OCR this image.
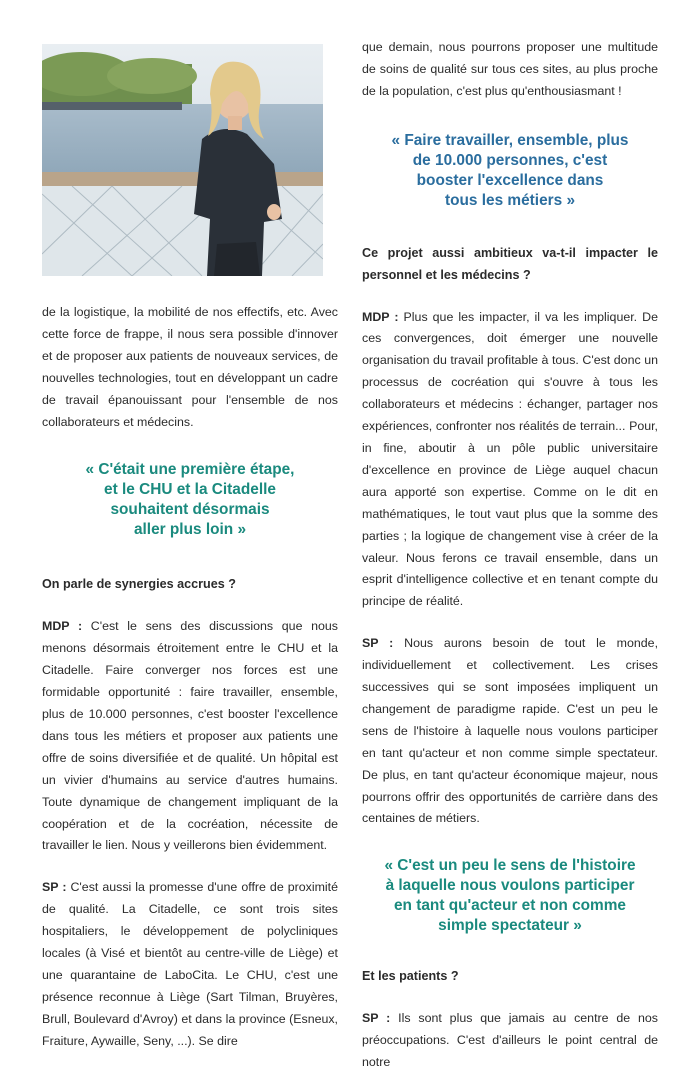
de la logistique, la mobilité de nos effectifs, etc. Avec cette force de frappe, il nous sera possible d'innover et de proposer aux patients de nouveaux services, de nouvelles technologies, tout en développant un cadre de travail épanouissant pour l'ensemble de nos collaborateurs et médecins.

« C'était une première étape,
et le CHU et la Citadelle
souhaitent désormais
aller plus loin »

On parle de synergies accrues ?

MDP : C'est le sens des discussions que nous menons désormais étroitement entre le CHU et la Citadelle. Faire converger nos forces est une formidable opportunité : faire travailler, ensemble, plus de 10.000 personnes, c'est booster l'excellence dans tous les métiers et proposer aux patients une offre de soins diversifiée et de qualité. Un hôpital est un vivier d'humains au service d'autres humains. Toute dynamique de changement impliquant de la coopération et de la cocréation, nécessite de travailler le lien. Nous y veillerons bien évidemment.

SP : C'est aussi la promesse d'une offre de proximité de qualité. La Citadelle, ce sont trois sites hospitaliers, le développement de polycliniques locales (à Visé et bientôt au centre-ville de Liège) et une quarantaine de LaboCita. Le CHU, c'est une présence reconnue à Liège (Sart Tilman, Bruyères, Brull, Boulevard d'Avroy) et dans la province (Esneux, Fraiture, Aywaille, Seny, ...). Se dire

que demain, nous pourrons proposer une multitude de soins de qualité sur tous ces sites, au plus proche de la population, c'est plus qu'enthousiasmant !

« Faire travailler, ensemble, plus
de 10.000 personnes, c'est
booster l'excellence dans
tous les métiers »

Ce projet aussi ambitieux va-t-il impacter le personnel et les médecins ?

MDP : Plus que les impacter, il va les impliquer. De ces convergences, doit émerger une nouvelle organisation du travail profitable à tous. C'est donc un processus de cocréation qui s'ouvre à tous les collaborateurs et médecins : échanger, partager nos expériences, confronter nos réalités de terrain... Pour, in fine, aboutir à un pôle public universitaire d'excellence en province de Liège auquel chacun aura apporté son expertise. Comme on le dit en mathématiques, le tout vaut plus que la somme des parties ; la logique de changement vise à créer de la valeur. Nous ferons ce travail ensemble, dans un esprit d'intelligence collective et en tenant compte du principe de réalité.

SP : Nous aurons besoin de tout le monde, individuellement et collectivement. Les crises successives qui se sont imposées impliquent un changement de paradigme rapide. C'est un peu le sens de l'histoire à laquelle nous voulons participer en tant qu'acteur et non comme simple spectateur. De plus, en tant qu'acteur économique majeur, nous pourrons offrir des opportunités de carrière dans des centaines de métiers.

« C'est un peu le sens de l'histoire
à laquelle nous voulons participer
en tant qu'acteur et non comme
simple spectateur »

Et les patients ?

SP : Ils sont plus que jamais au centre de nos préoccupations. C'est d'ailleurs le point central de notre
